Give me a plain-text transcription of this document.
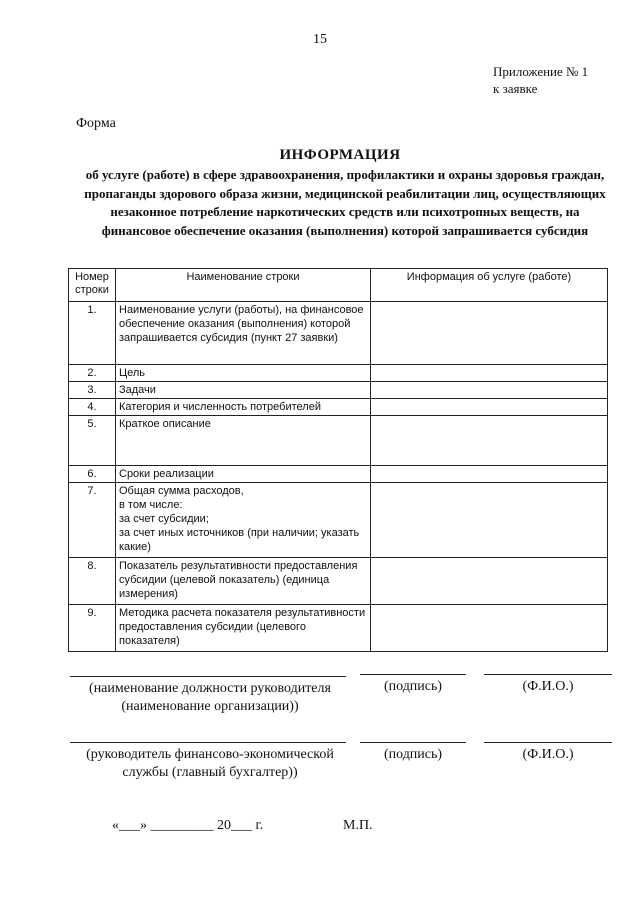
15
Приложение № 1
к заявке
Форма
ИНФОРМАЦИЯ
об услуге (работе) в сфере здравоохранения, профилактики и охраны здоровья граждан, пропаганды здорового образа жизни, медицинской реабилитации лиц, осуществляющих незаконное потребление наркотических средств или психотропных веществ, на финансовое обеспечение оказания (выполнения) которой запрашивается субсидия
Номер строки	Наименование строки	Информация об услуге (работе)
1.	Наименование услуги (работы), на финансовое обеспечение оказания (выполнения) которой запрашивается субсидия (пункт 27 заявки)	
2.	Цель	
3.	Задачи	
4.	Категория и численность потребителей	
5.	Краткое описание	
6.	Сроки реализации	
7.	Общая сумма расходов,
в том числе:
за счет субсидии;
за счет иных источников (при наличии; указать какие)	
8.	Показатель результативности предоставления субсидии (целевой показатель) (единица измерения)	
9.	Методика расчета показателя результативности предоставления субсидии (целевого показателя)	
(наименование должности руководителя
(наименование организации))
(подпись)	(Ф.И.О.)
(руководитель финансово-экономической
службы (главный бухгалтер))
(подпись)	(Ф.И.О.)
«___» _________ 20___ г.	М.П.
